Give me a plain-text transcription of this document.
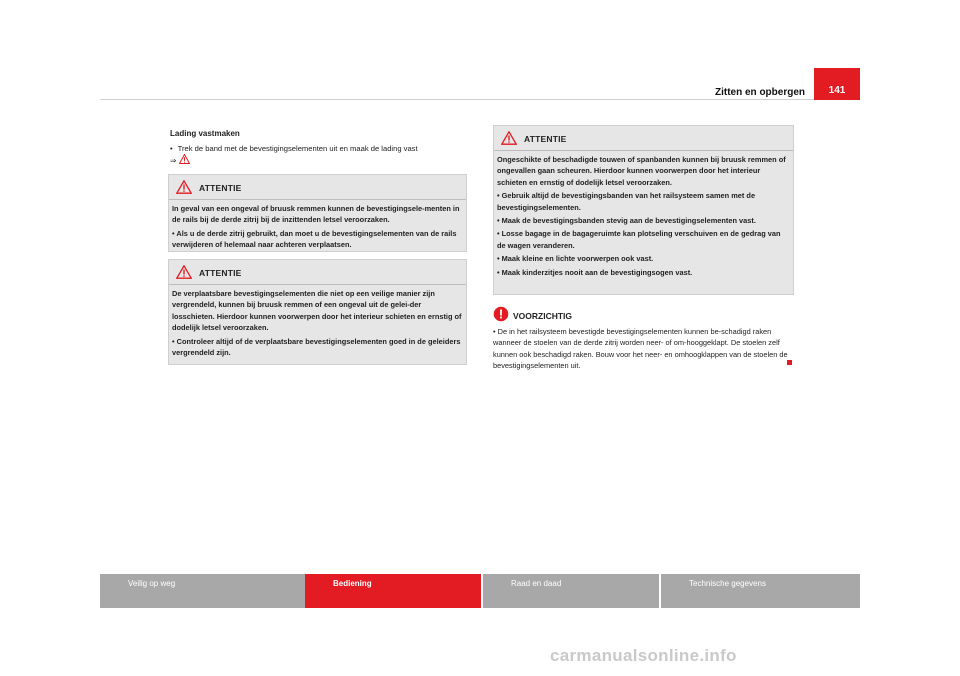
Zitten en opbergen	141

Lading vastmaken

• Trek de band met de bevestigingselementen uit en maak de lading vast

⇒

ATTENTIE

In geval van een ongeval of bruusk remmen kunnen de bevestigingsele-menten in de rails bij de derde zitrij bij de inzittenden letsel veroorzaken.

• Als u de derde zitrij gebruikt, dan moet u de bevestigingselementen van de rails verwijderen of helemaal naar achteren verplaatsen.

ATTENTIE

De verplaatsbare bevestigingselementen die niet op een veilige manier zijn vergrendeld, kunnen bij bruusk remmen of een ongeval uit de gelei-der losschieten. Hierdoor kunnen voorwerpen door het interieur schieten en ernstig of dodelijk letsel veroorzaken.

• Controleer altijd of de verplaatsbare bevestigingselementen goed in de geleiders vergrendeld zijn.

ATTENTIE

Ongeschikte of beschadigde touwen of spanbanden kunnen bij bruusk remmen of ongevallen gaan scheuren. Hierdoor kunnen voorwerpen door het interieur schieten en ernstig of dodelijk letsel veroorzaken.

• Gebruik altijd de bevestigingsbanden van het railsysteem samen met de bevestigingselementen.

• Maak de bevestigingsbanden stevig aan de bevestigingselementen vast.

• Losse bagage in de bagageruimte kan plotseling verschuiven en de gedrag van de wagen veranderen.

• Maak kleine en lichte voorwerpen ook vast.

• Maak kinderzitjes nooit aan de bevestigingsogen vast.

VOORZICHTIG

• De in het railsysteem bevestigde bevestigingselementen kunnen be-schadigd raken wanneer de stoelen van de derde zitrij worden neer- of om-hooggeklapt. De stoelen zelf kunnen ook beschadigd raken. Bouw voor het neer- en omhoogklappen van de stoelen de bevestigingselementen uit.

Veilig op weg	Bediening	Raad en daad	Technische gegevens
carmanualsonline.info
